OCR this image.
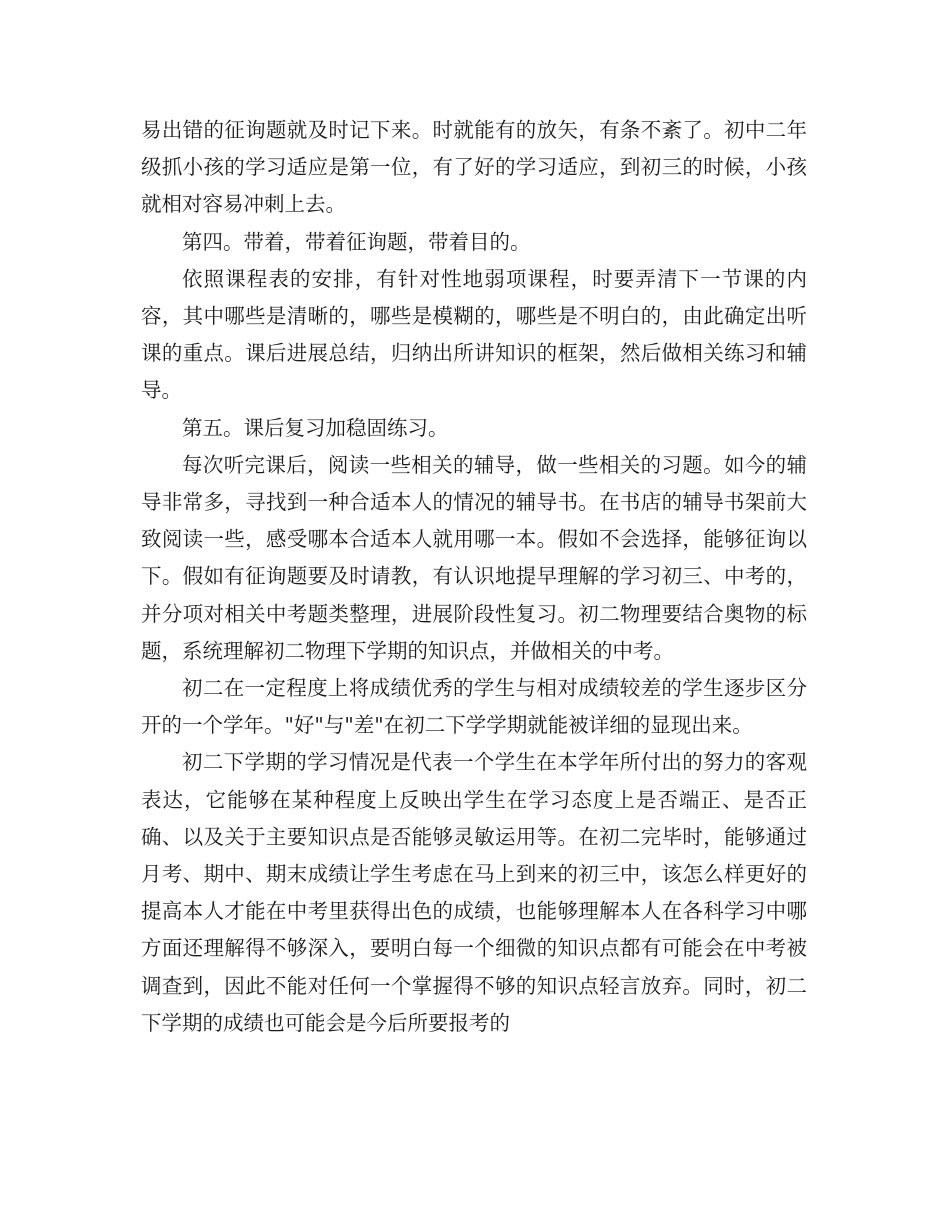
易出错的征询题就及时记下来。时就能有的放矢，有条不紊了。初中二年级抓小孩的学习适应是第一位，有了好的学习适应，到初三的时候，小孩就相对容易冲刺上去。

第四。带着，带着征询题，带着目的。

依照课程表的安排，有针对性地弱项课程，时要弄清下一节课的内容，其中哪些是清晰的，哪些是模糊的，哪些是不明白的，由此确定出听课的重点。课后进展总结，归纳出所讲知识的框架，然后做相关练习和辅导。

第五。课后复习加稳固练习。

每次听完课后，阅读一些相关的辅导，做一些相关的习题。如今的辅导非常多，寻找到一种合适本人的情况的辅导书。在书店的辅导书架前大致阅读一些，感受哪本合适本人就用哪一本。假如不会选择，能够征询以下。假如有征询题要及时请教，有认识地提早理解的学习初三、中考的，并分项对相关中考题类整理，进展阶段性复习。初二物理要结合奥物的标题，系统理解初二物理下学期的知识点，并做相关的中考。

初二在一定程度上将成绩优秀的学生与相对成绩较差的学生逐步区分开的一个学年。"好"与"差"在初二下学学期就能被详细的显现出来。

初二下学期的学习情况是代表一个学生在本学年所付出的努力的客观表达，它能够在某种程度上反映出学生在学习态度上是否端正、是否正确、以及关于主要知识点是否能够灵敏运用等。在初二完毕时，能够通过月考、期中、期末成绩让学生考虑在马上到来的初三中，该怎么样更好的提高本人才能在中考里获得出色的成绩，也能够理解本人在各科学习中哪方面还理解得不够深入，要明白每一个细微的知识点都有可能会在中考被调查到，因此不能对任何一个掌握得不够的知识点轻言放弃。同时，初二下学期的成绩也可能会是今后所要报考的
